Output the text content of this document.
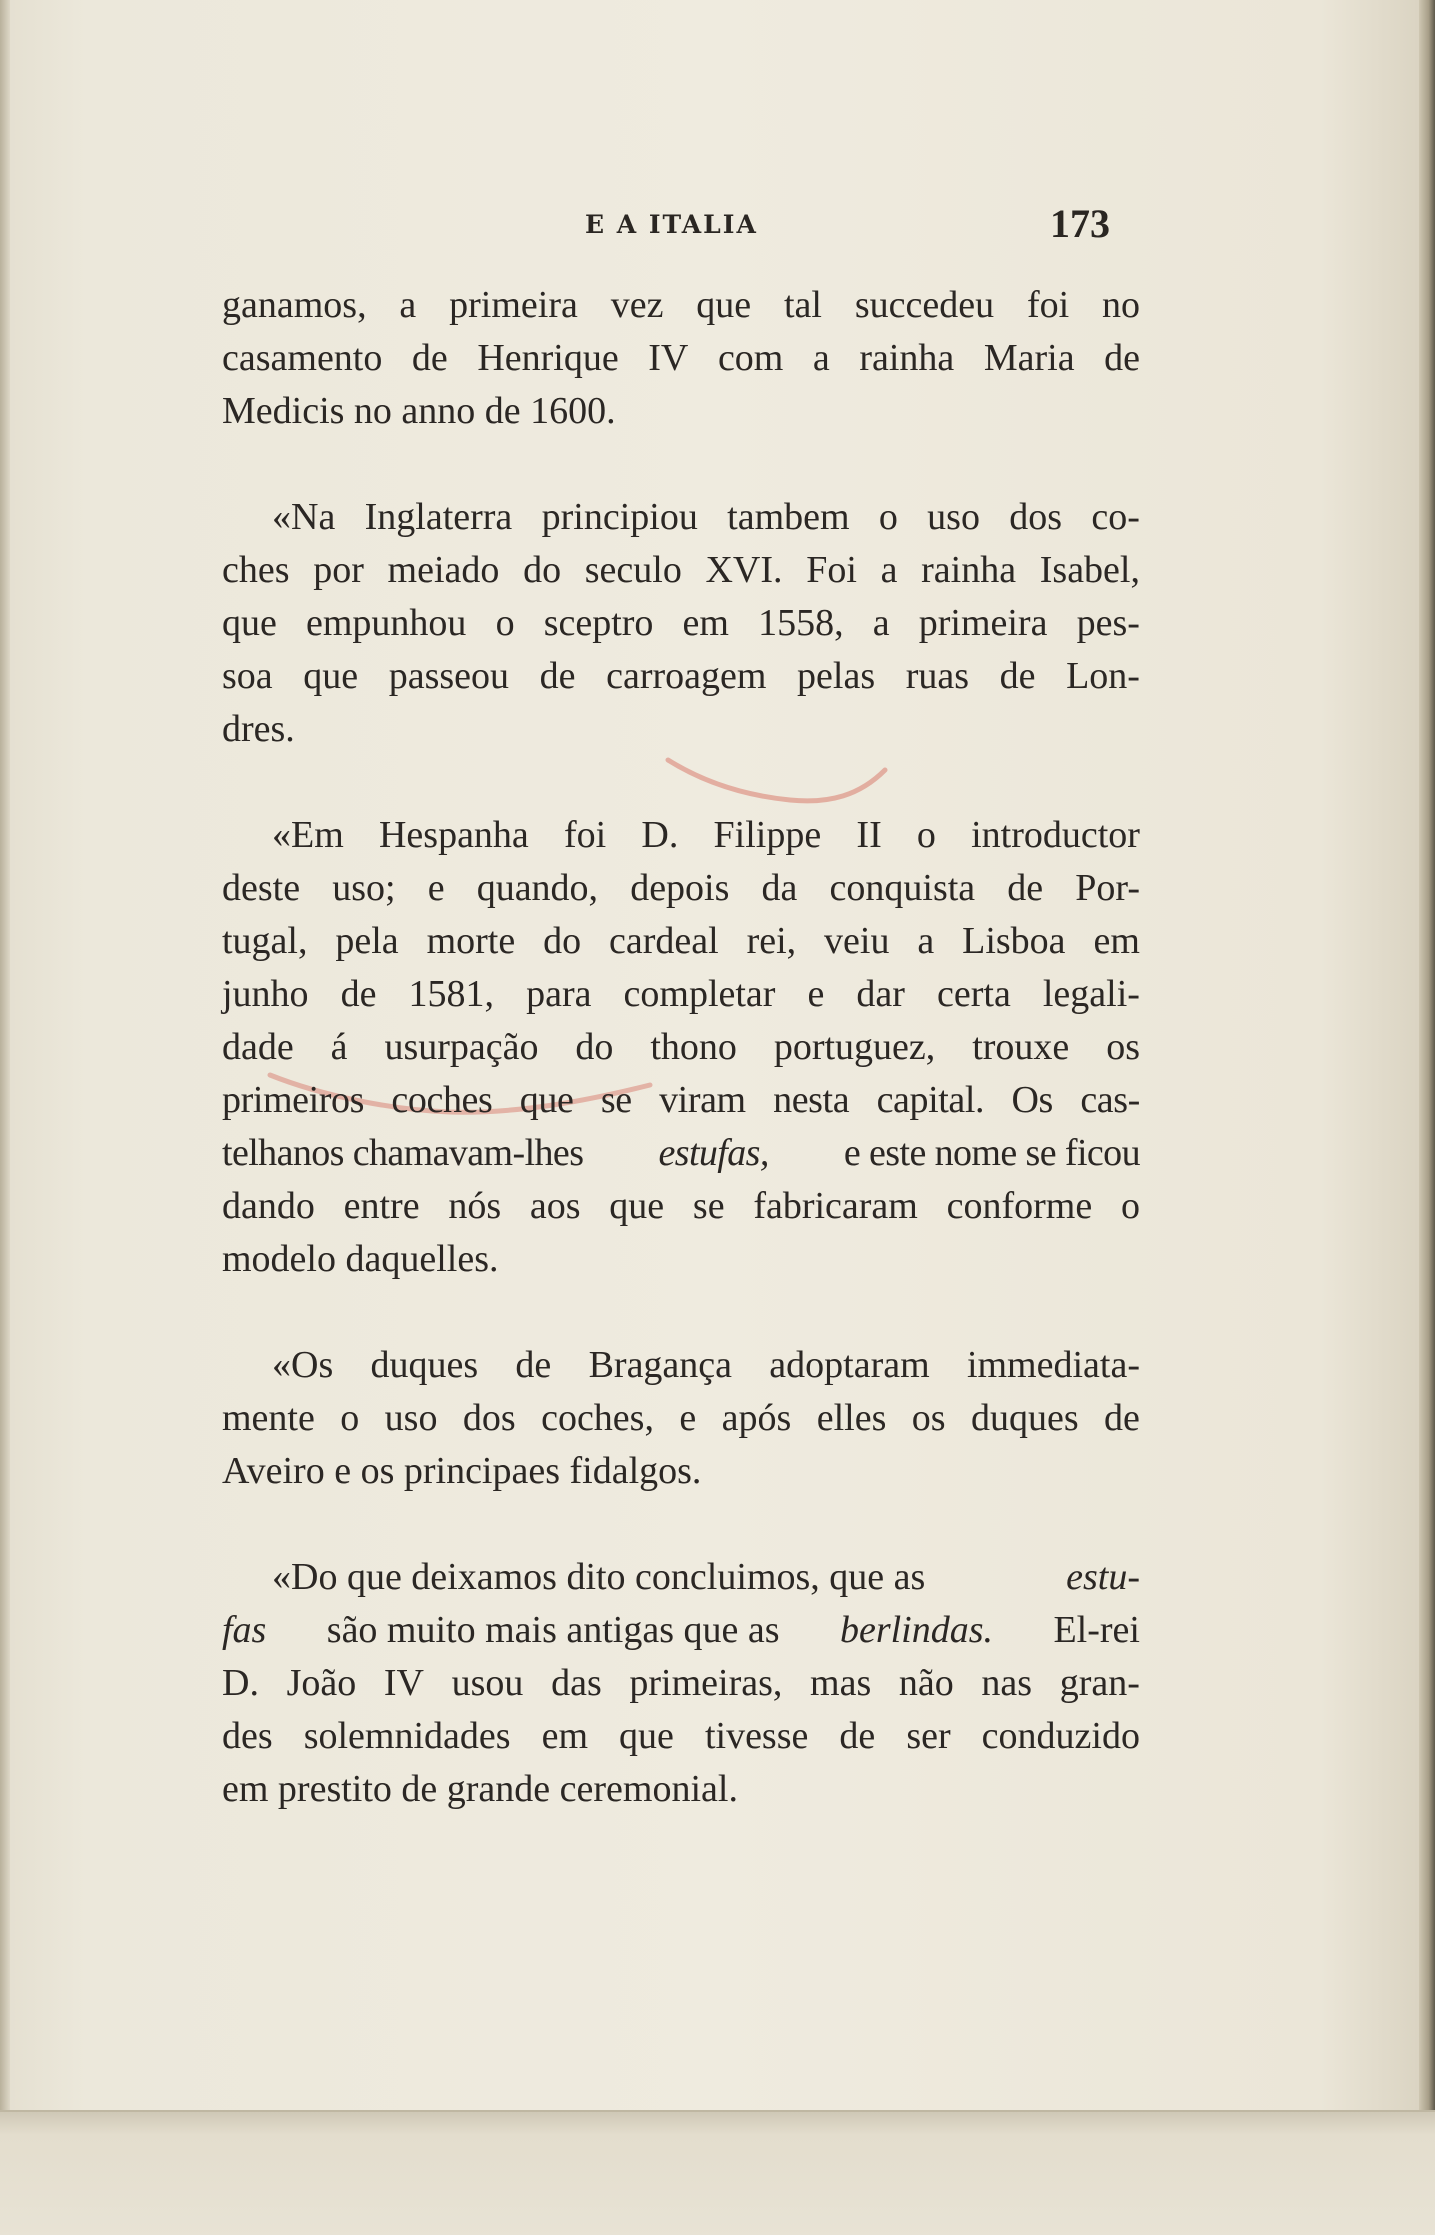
E A ITALIA	173
ganamos, a primeira vez que tal succedeu foi no
casamento de Henrique IV com a rainha Maria de
Medicis no anno de 1600.
«Na Inglaterra principiou tambem o uso dos co-
ches por meiado do seculo XVI. Foi a rainha Isabel,
que empunhou o sceptro em 1558, a primeira pes-
soa que passeou de carroagem pelas ruas de Lon-
dres.
«Em Hespanha foi D. Filippe II o introductor
deste uso; e quando, depois da conquista de Por-
tugal, pela morte do cardeal rei, veiu a Lisboa em
junho de 1581, para completar e dar certa legali-
dade á usurpação do thono portuguez, trouxe os
primeiros coches que se viram nesta capital. Os cas-
telhanos chamavam-lhes estufas, e este nome se ficou
dando entre nós aos que se fabricaram conforme o
modelo daquelles.
«Os duques de Bragança adoptaram immediata-
mente o uso dos coches, e após elles os duques de
Aveiro e os principaes fidalgos.
«Do que deixamos dito concluimos, que as	estu-
fas são muito mais antigas que as berlindas. El-rei
D. João IV usou das primeiras, mas não nas gran-
des solemnidades em que tivesse de ser conduzido
em prestito de grande ceremonial.
